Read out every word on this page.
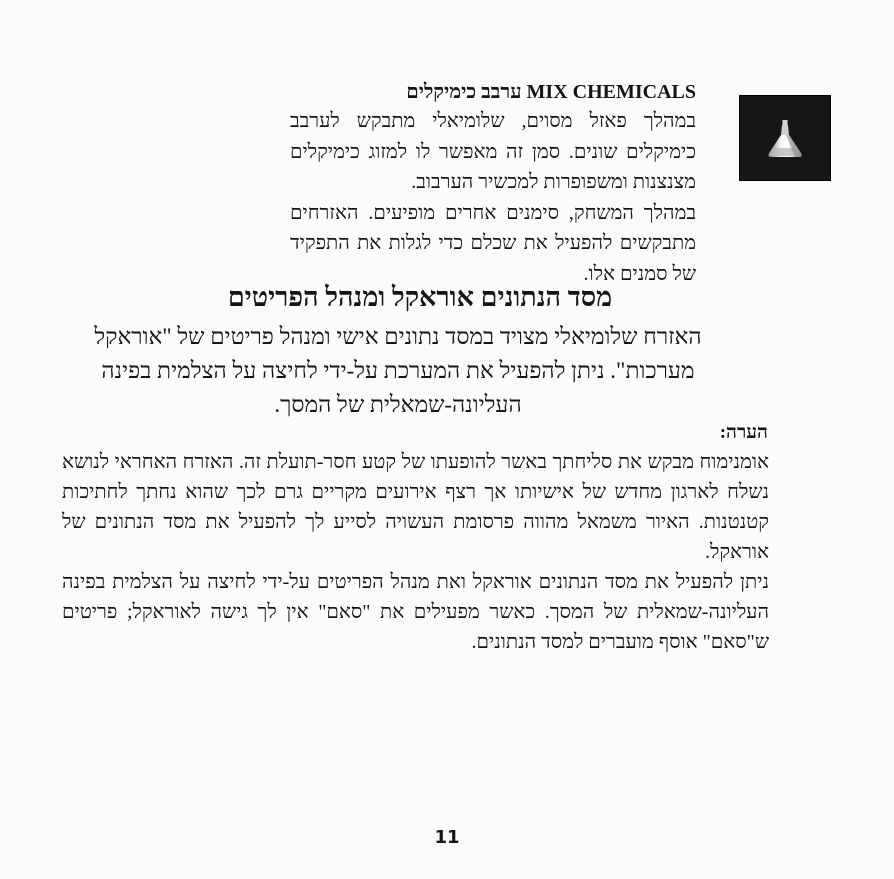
MIX CHEMICALS ערבב כימיקלים

במהלך פאזל מסוים, שלומיאלי מתבקש לערבב כימיקלים שונים. סמן זה מאפשר לו למזוג כימיקלים מצנצנות ומשפופרות למכשיר הערבוב.

במהלך המשחק, סימנים אחרים מופיעים. האזרחים מתבקשים להפעיל את שכלם כדי לגלות את התפקיד של סמנים אלו.

מסד הנתונים אוראקל ומנהל הפריטים
האזרח שלומיאלי מצויד במסד נתונים אישי ומנהל פריטים של "אוראקל מערכות". ניתן להפעיל את המערכת על-ידי לחיצה על הצלמית בפינה העליונה-שמאלית של המסך.
הערה:

אומנימוח מבקש את סליחתך באשר להופעתו של קטע חסר-תועלת זה. האזרח האחראי לנושא נשלח לארגון מחדש של אישיותו אך רצף אירועים מקריים גרם לכך שהוא נחתך לחתיכות קטנטנות. האיור משמאל מהווה פרסומת העשויה לסייע לך להפעיל את מסד הנתונים של אוראקל.

ניתן להפעיל את מסד הנתונים אוראקל ואת מנהל הפריטים על-ידי לחיצה על הצלמית בפינה העליונה-שמאלית של המסך. כאשר מפעילים את "סאם" אין לך גישה לאוראקל; פריטים ש"סאם" אוסף מועברים למסד הנתונים.

11
